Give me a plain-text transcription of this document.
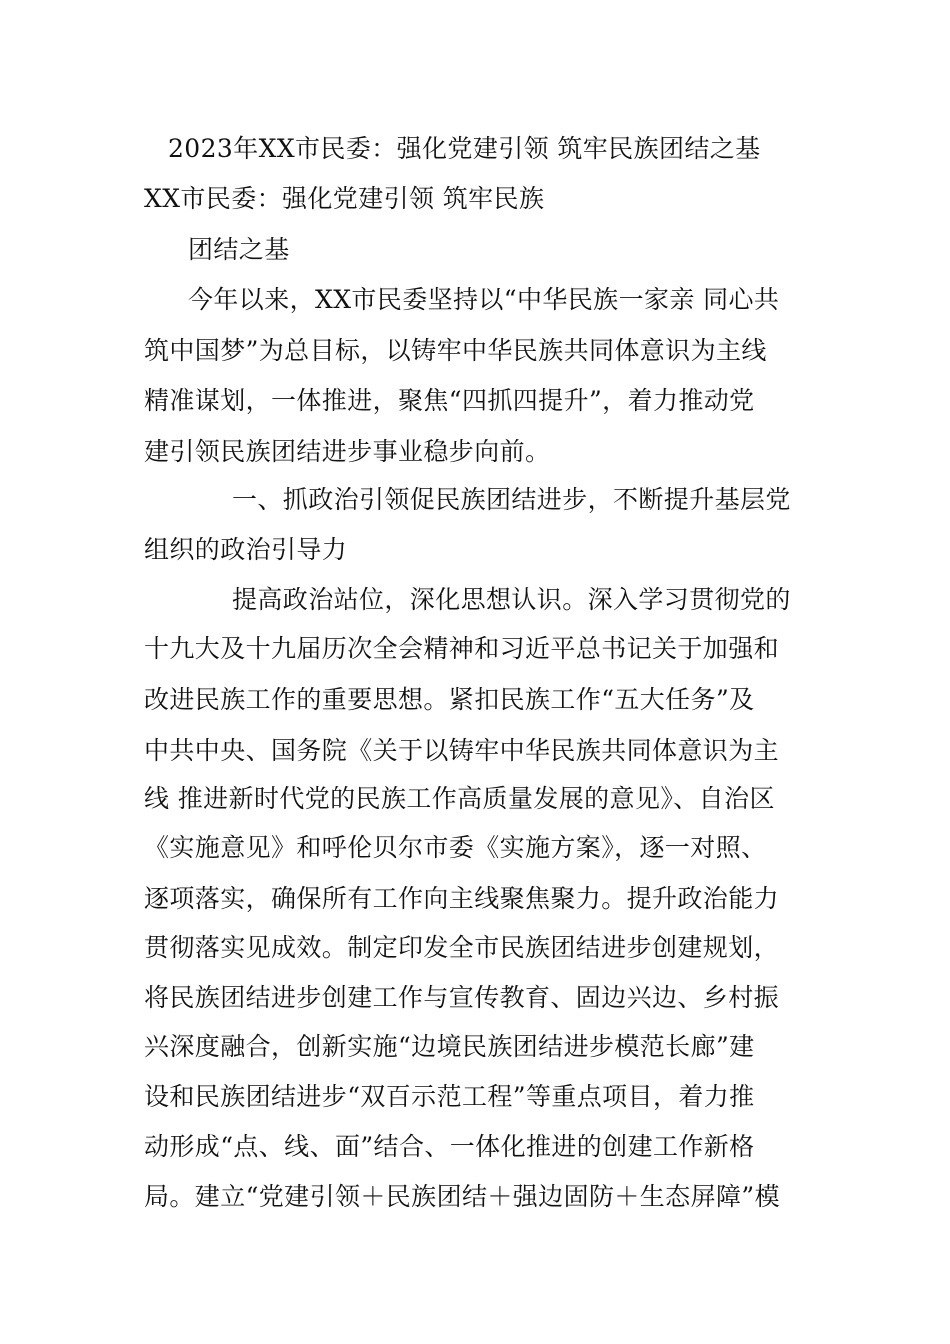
2023年XX市民委：强化党建引领 筑牢民族团结之基
XX市民委：强化党建引领 筑牢民族
团结之基
今年以来，XX市民委坚持以“中华民族一家亲 同心共
筑中国梦”为总目标，以铸牢中华民族共同体意识为主线
精准谋划，一体推进，聚焦“四抓四提升”，着力推动党
建引领民族团结进步事业稳步向前。
一、抓政治引领促民族团结进步，不断提升基层党
组织的政治引导力
提高政治站位，深化思想认识。深入学习贯彻党的
十九大及十九届历次全会精神和习近平总书记关于加强和
改进民族工作的重要思想。紧扣民族工作“五大任务”及
中共中央、国务院《关于以铸牢中华民族共同体意识为主
线 推进新时代党的民族工作高质量发展的意见》、自治区
《实施意见》和呼伦贝尔市委《实施方案》，逐一对照、
逐项落实，确保所有工作向主线聚焦聚力。提升政治能力
贯彻落实见成效。制定印发全市民族团结进步创建规划，
将民族团结进步创建工作与宣传教育、固边兴边、乡村振
兴深度融合，创新实施“边境民族团结进步模范长廊”建
设和民族团结进步“双百示范工程”等重点项目，着力推
动形成“点、线、面”结合、一体化推进的创建工作新格
局。建立“党建引领＋民族团结＋强边固防＋生态屏障”模
